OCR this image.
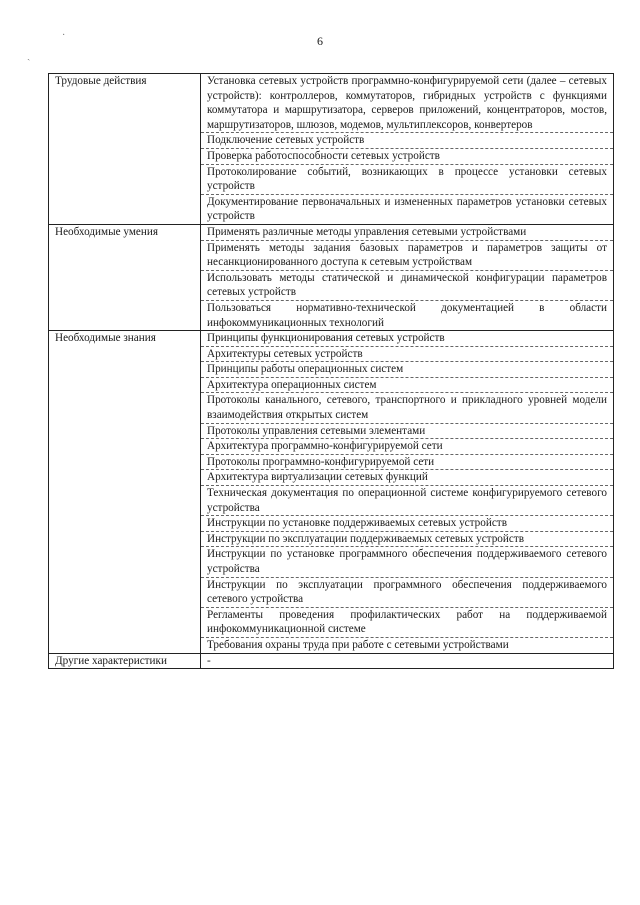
6
·
ˏ
Трудовые действия	Установка сетевых устройств программно-конфигурируемой сети (далее – сетевых устройств): контроллеров, коммутаторов, гибридных устройств с функциями коммутатора и маршрутизатора, серверов приложений, концентраторов, мостов, маршрутизаторов, шлюзов, модемов, мультиплексоров, конвертеров
	Подключение сетевых устройств
	Проверка работоспособности сетевых устройств
	Протоколирование событий, возникающих в процессе установки сетевых устройств
	Документирование первоначальных и измененных параметров установки сетевых устройств
Необходимые умения	Применять различные методы управления сетевыми устройствами
	Применять методы задания базовых параметров и параметров защиты от несанкционированного доступа к сетевым устройствам
	Использовать методы статической и динамической конфигурации параметров сетевых устройств
	Пользоваться нормативно-технической документацией в области инфокоммуникационных технологий
Необходимые знания	Принципы функционирования сетевых устройств
	Архитектуры сетевых устройств
	Принципы работы операционных систем
	Архитектура операционных систем
	Протоколы канального, сетевого, транспортного и прикладного уровней модели взаимодействия открытых систем
	Протоколы управления сетевыми элементами
	Архитектура программно-конфигурируемой сети
	Протоколы программно-конфигурируемой сети
	Архитектура виртуализации сетевых функций
	Техническая документация по операционной системе конфигурируемого сетевого устройства
	Инструкции по установке поддерживаемых сетевых устройств
	Инструкции по эксплуатации поддерживаемых сетевых устройств
	Инструкции по установке программного обеспечения поддерживаемого сетевого устройства
	Инструкции по эксплуатации программного обеспечения поддерживаемого сетевого устройства
	Регламенты проведения профилактических работ на поддерживаемой инфокоммуникационной системе
	Требования охраны труда при работе с сетевыми устройствами
Другие характеристики	-
